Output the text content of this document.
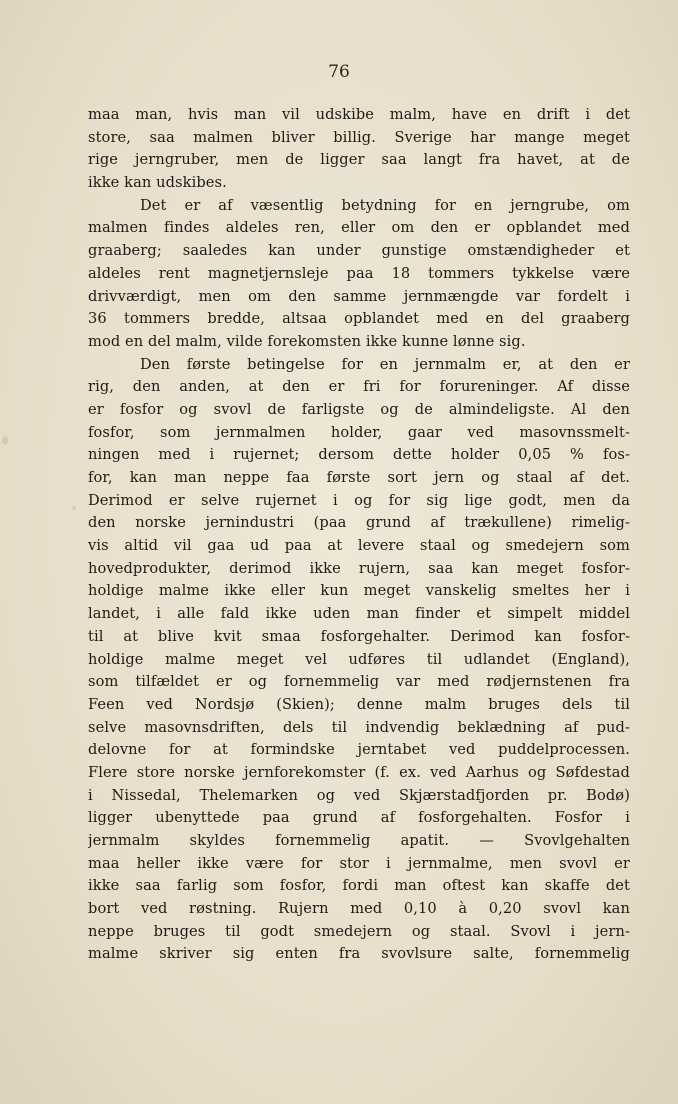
76
maa man, hvis man vil udskibe malm, have en drift i det
store, saa malmen bliver billig. Sverige har mange meget
rige jerngruber, men de ligger saa langt fra havet, at de
ikke kan udskibes.
Det er af væsentlig betydning for en jerngrube, om
malmen findes aldeles ren, eller om den er opblandet med
graaberg; saaledes kan under gunstige omstændigheder et
aldeles rent magnetjernsleje paa 18 tommers tykkelse være
drivværdigt, men om den samme jernmængde var fordelt i
36 tommers bredde, altsaa opblandet med en del graaberg
mod en del malm, vilde forekomsten ikke kunne lønne sig.
Den første betingelse for en jernmalm er, at den er
rig, den anden, at den er fri for forureninger. Af disse
er fosfor og svovl de farligste og de almindeligste. Al den
fosfor, som jernmalmen holder, gaar ved masovnssmelt-
ningen med i rujernet; dersom dette holder 0,05 % fos-
for, kan man neppe faa første sort jern og staal af det.
Derimod er selve rujernet i og for sig lige godt, men da
den norske jernindustri (paa grund af trækullene) rimelig-
vis altid vil gaa ud paa at levere staal og smedejern som
hovedprodukter, derimod ikke rujern, saa kan meget fosfor-
holdige malme ikke eller kun meget vanskelig smeltes her i
landet, i alle fald ikke uden man finder et simpelt middel
til at blive kvit smaa fosforgehalter. Derimod kan fosfor-
holdige malme meget vel udføres til udlandet (England),
som tilfældet er og fornemmelig var med rødjernstenen fra
Feen ved Nordsjø (Skien); denne malm bruges dels til
selve masovnsdriften, dels til indvendig beklædning af pud-
delovne for at formindske jerntabet ved puddelprocessen.
Flere store norske jernforekomster (f. ex. ved Aarhus og Søfdestad
i Nissedal, Thelemarken og ved Skjærstadfjorden pr. Bodø)
ligger ubenyttede paa grund af fosforgehalten. Fosfor i
jernmalm skyldes fornemmelig apatit. — Svovlgehalten
maa heller ikke være for stor i jernmalme, men svovl er
ikke saa farlig som fosfor, fordi man oftest kan skaffe det
bort ved røstning. Rujern med 0,10 à 0,20 svovl kan
neppe bruges til godt smedejern og staal. Svovl i jern-
malme skriver sig enten fra svovlsure salte, fornemmelig
